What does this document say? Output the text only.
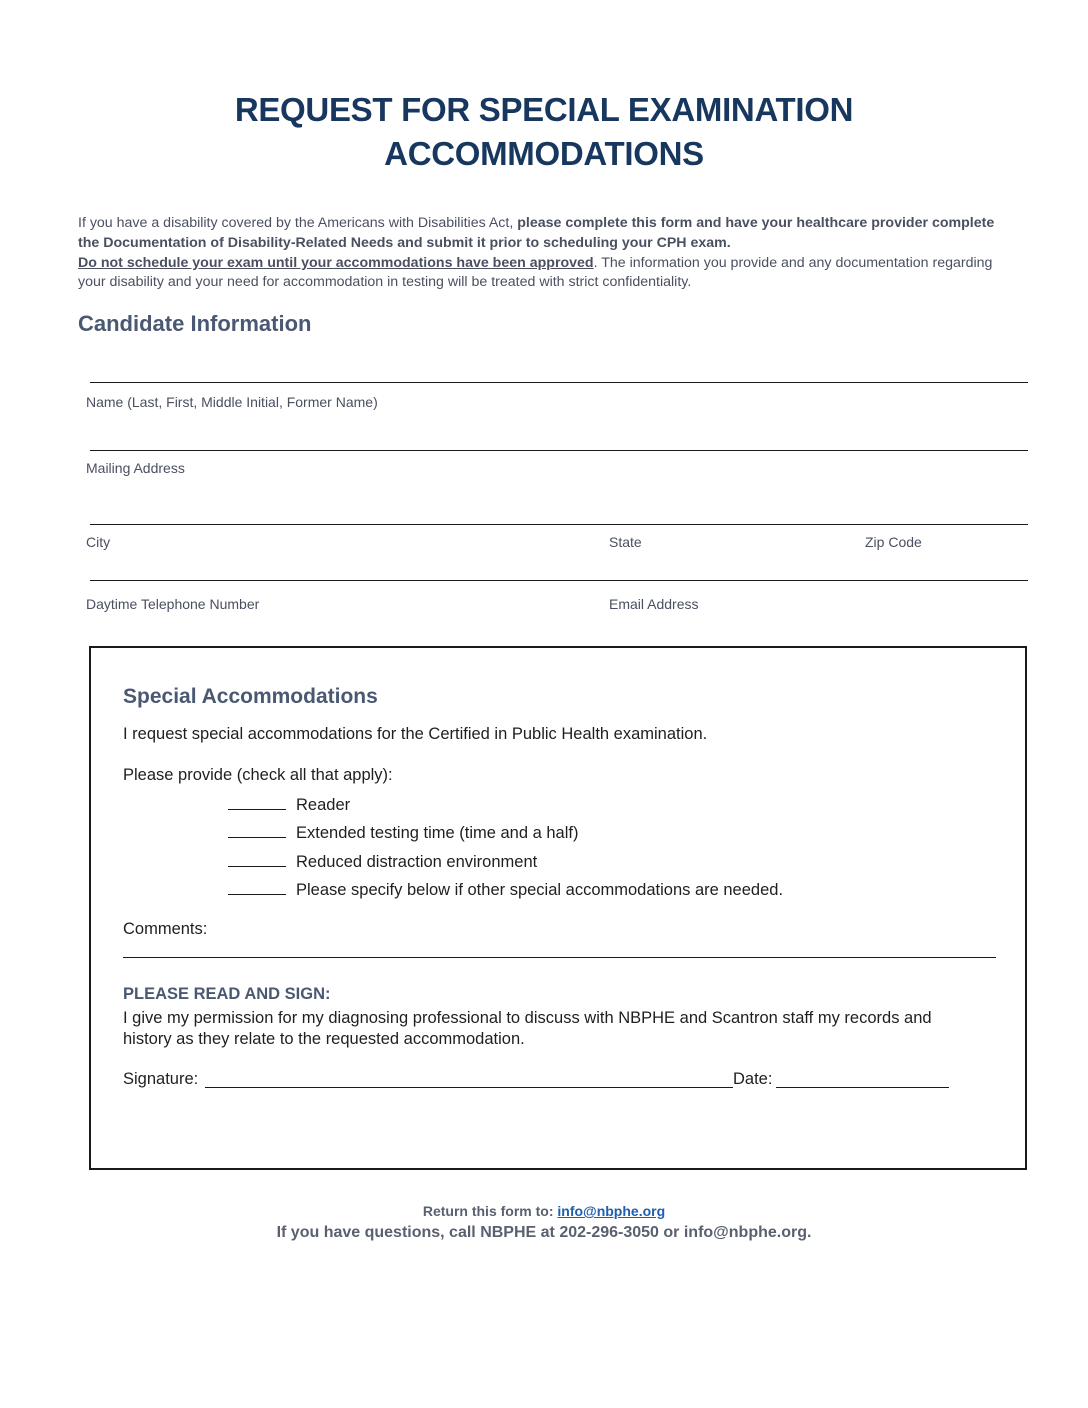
REQUEST FOR SPECIAL EXAMINATION
ACCOMMODATIONS
If you have a disability covered by the Americans with Disabilities Act, please complete this form and have your healthcare provider complete the Documentation of Disability-Related Needs and submit it prior to scheduling your CPH exam.
Do not schedule your exam until your accommodations have been approved. The information you provide and any documentation regarding your disability and your need for accommodation in testing will be treated with strict confidentiality.
Candidate Information
Name (Last, First, Middle Initial, Former Name)
Mailing Address
City	State	Zip Code
Daytime Telephone Number	Email Address
Special Accommodations
I request special accommodations for the Certified in Public Health examination.
Please provide (check all that apply):
Reader
Extended testing time (time and a half)
Reduced distraction environment
Please specify below if other special accommodations are needed.
Comments:
PLEASE READ AND SIGN:
I give my permission for my diagnosing professional to discuss with NBPHE and Scantron staff my records and history as they relate to the requested accommodation.
Signature:	Date:
Return this form to: info@nbphe.org
If you have questions, call NBPHE at 202-296-3050 or info@nbphe.org.
